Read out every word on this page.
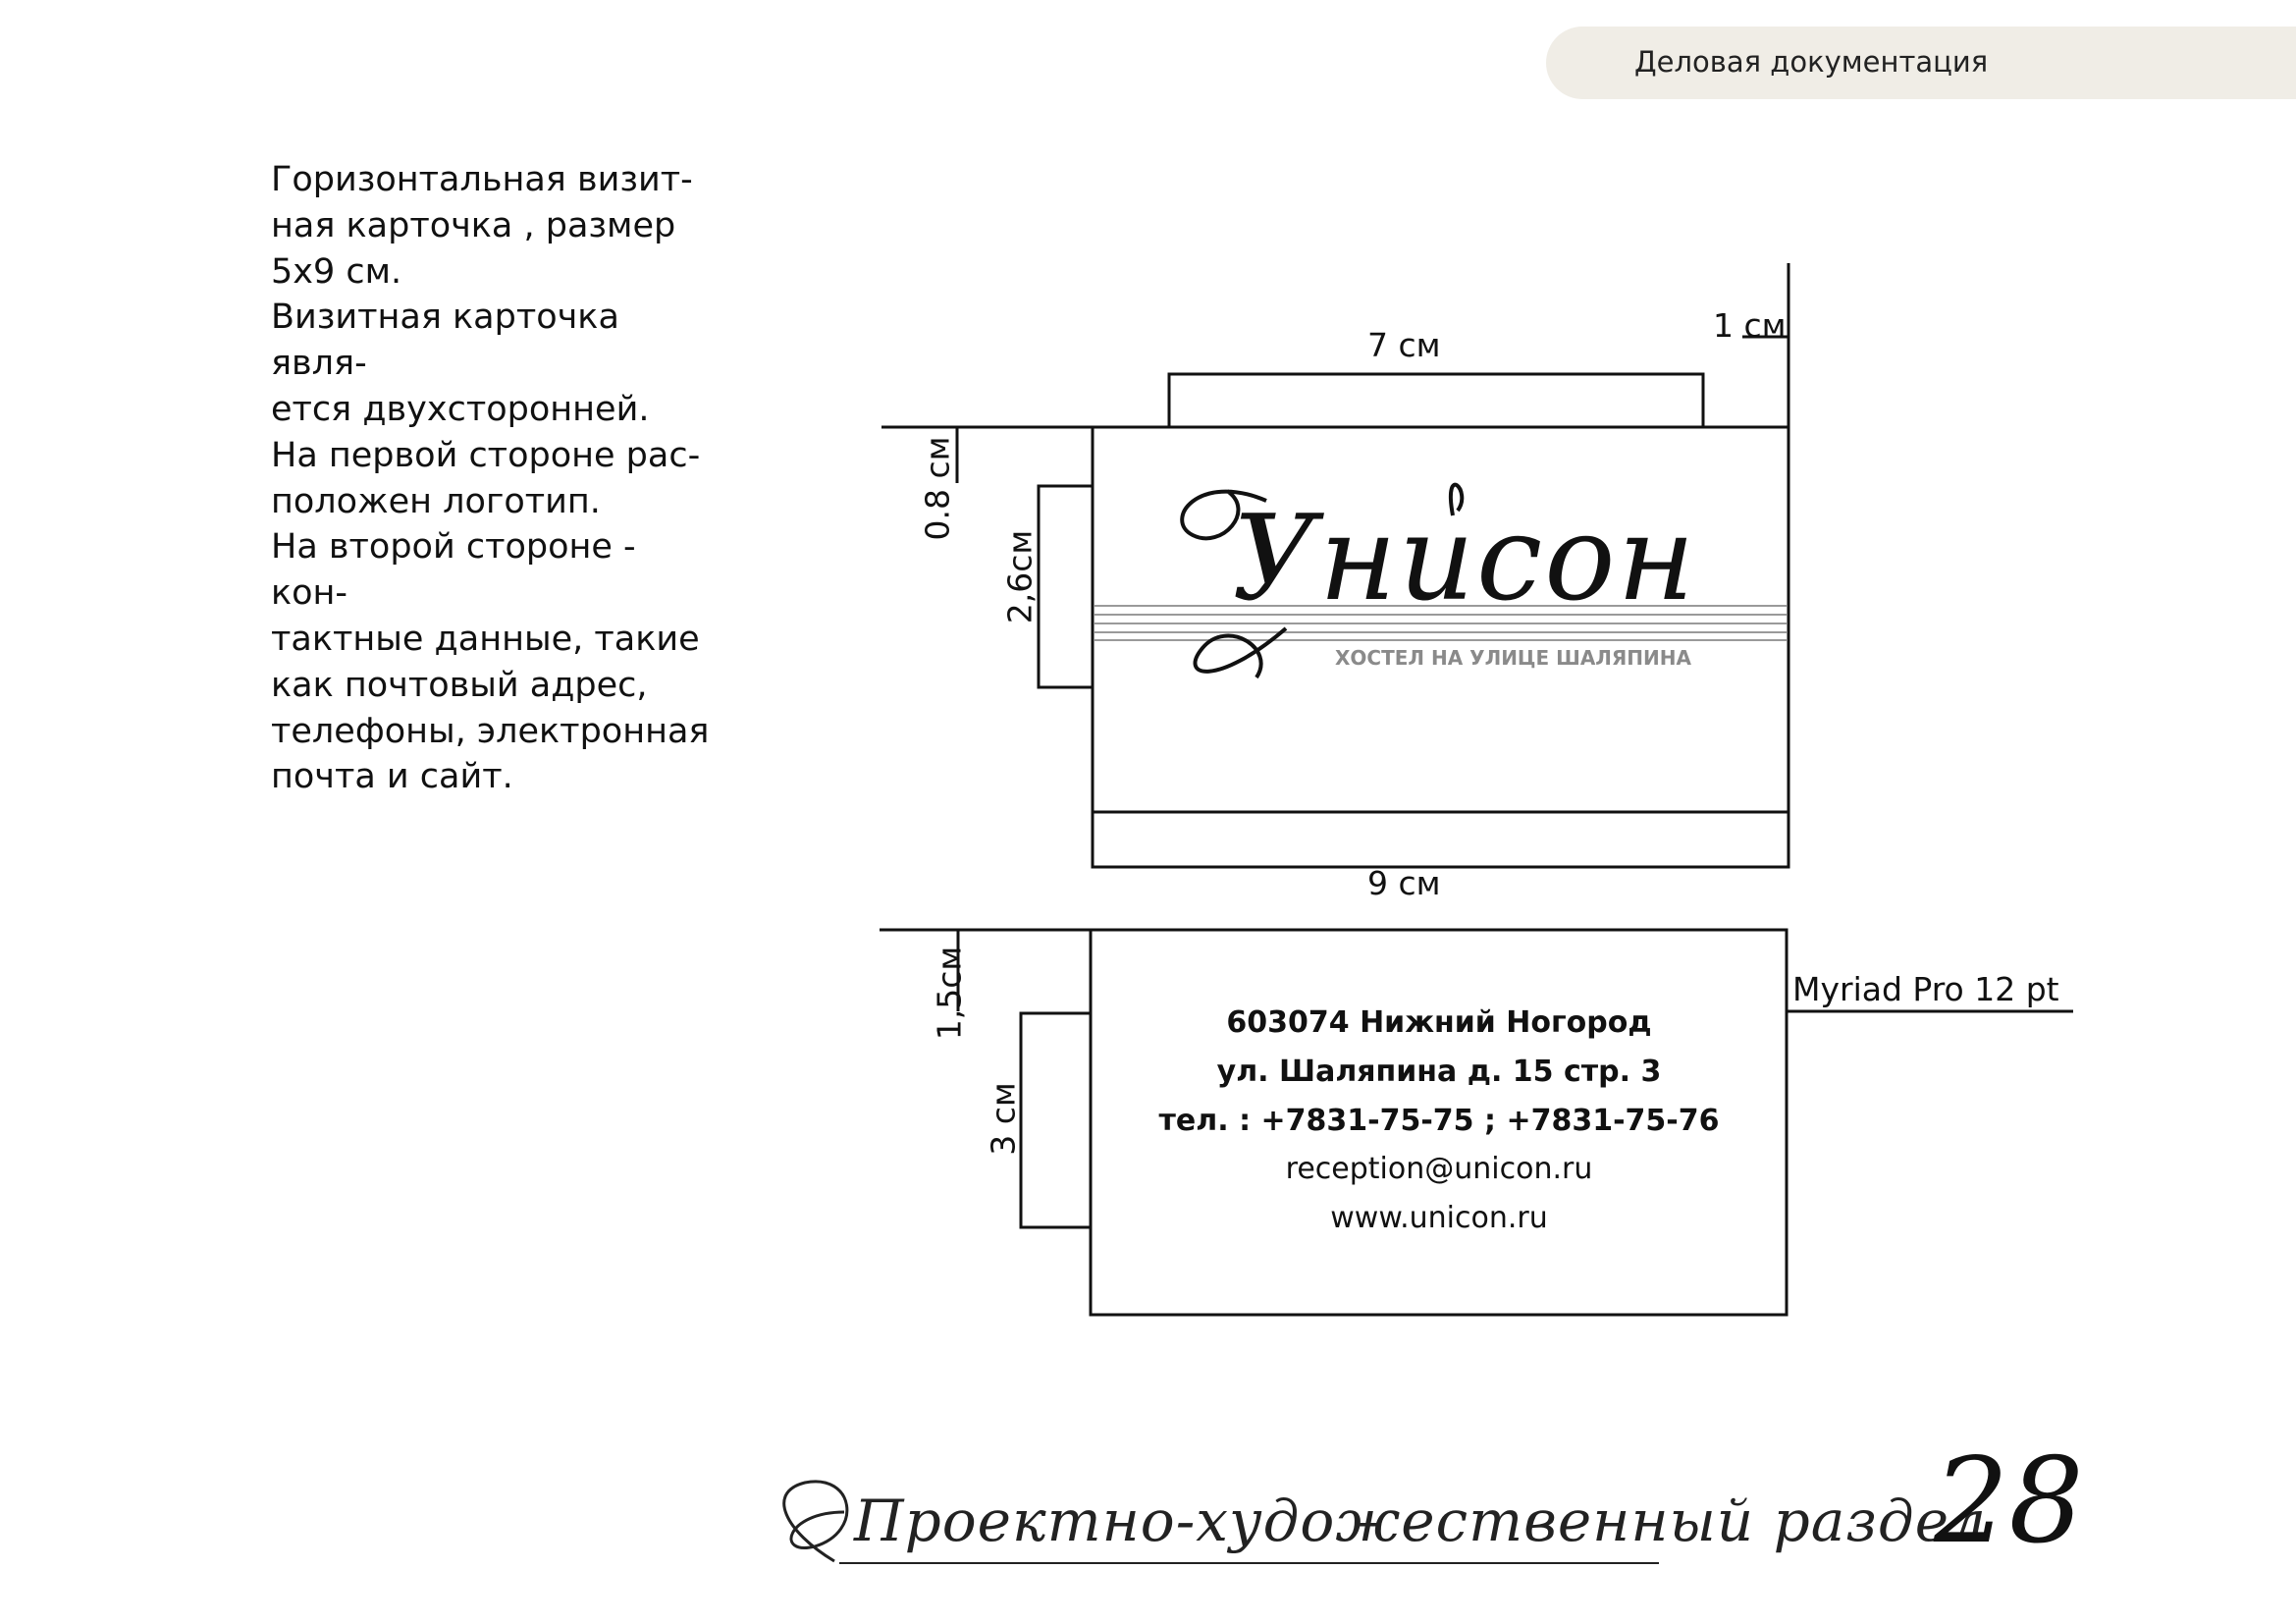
Деловая документация

Горизонтальная визит-

ная карточка , размер

5х9 см.

Визитная карточка явля-

ется двухсторонней.

На первой стороне рас-

положен логотип.

На второй стороне - кон-

тактные данные, такие

как почтовый адрес,

телефоны, электронная

почта и сайт.

7 см
1 см
0.8 см
2,6см
9 см
Унисон
ХОСТЕЛ НА УЛИЦЕ ШАЛЯПИНА
1,5см
3 см
Myriad Pro 12 pt
603074 Нижний Ногород
ул. Шаляпина д. 15 стр. 3
тел. : +7831-75-75 ; +7831-75-76
reception@unicon.ru
www.unicon.ru
Проектно-художественный раздел
28
